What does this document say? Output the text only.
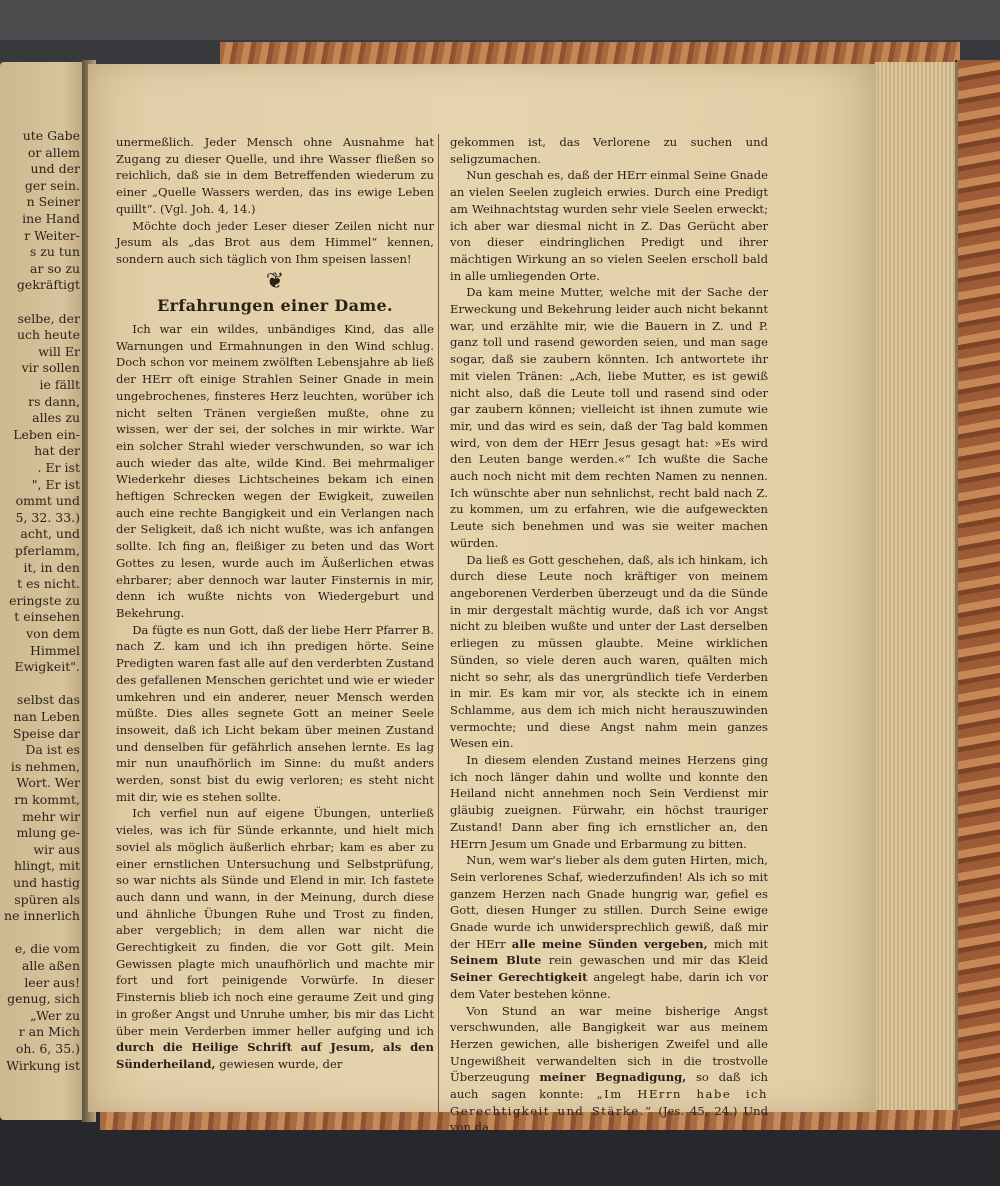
ute Gabe
or allem
und der
ger sein.
n Seiner
ine Hand
r Weiter-
s zu tun
ar so zu
gekräftigt
selbe, der
uch heute
will Er
vir sollen
ie fällt
rs dann,
alles zu
Leben ein-
hat der
. Er ist
", Er ist
ommt und
5, 32. 33.)
acht, und
pferlamm,
it, in den
t es nicht.
eringste zu
t einsehen
von dem
Himmel
Ewigkeit".
selbst das
nan Leben
Speise dar
Da ist es
is nehmen,
Wort. Wer
rn kommt,
mehr wir
mlung ge-
wir aus
hlingt, mit
und hastig
spüren als
ne innerlich
e, die vom
alle aßen
leer aus!
genug, sich
„Wer zu
r an Mich
oh. 6, 35.)
Wirkung ist

unermeßlich. Jeder Mensch ohne Ausnahme hat Zugang zu dieser Quelle, und ihre Wasser fließen so reichlich, daß sie in dem Betreffenden wiederum zu einer „Quelle Wassers werden, das ins ewige Leben quillt“. (Vgl. Joh. 4, 14.)

Möchte doch jeder Leser dieser Zeilen nicht nur Jesum als „das Brot aus dem Himmel“ kennen, sondern auch sich täglich von Ihm speisen lassen!

❦
Erfahrungen einer Dame.

Ich war ein wildes, unbändiges Kind, das alle Warnungen und Ermahnungen in den Wind schlug. Doch schon vor meinem zwölften Lebensjahre ab ließ der HErr oft einige Strahlen Seiner Gnade in mein ungebrochenes, finsteres Herz leuchten, worüber ich nicht selten Tränen vergießen mußte, ohne zu wissen, wer der sei, der solches in mir wirkte. War ein solcher Strahl wieder verschwunden, so war ich auch wieder das alte, wilde Kind. Bei mehrmaliger Wiederkehr dieses Lichtscheines bekam ich einen heftigen Schrecken wegen der Ewigkeit, zuweilen auch eine rechte Bangigkeit und ein Verlangen nach der Seligkeit, daß ich nicht wußte, was ich anfangen sollte. Ich fing an, fleißiger zu beten und das Wort Gottes zu lesen, wurde auch im Äußerlichen etwas ehrbarer; aber dennoch war lauter Finsternis in mir, denn ich wußte nichts von Wiedergeburt und Bekehrung.

Da fügte es nun Gott, daß der liebe Herr Pfarrer B. nach Z. kam und ich ihn predigen hörte. Seine Predigten waren fast alle auf den verderbten Zustand des gefallenen Menschen gerichtet und wie er wieder umkehren und ein anderer, neuer Mensch werden müßte. Dies alles segnete Gott an meiner Seele insoweit, daß ich Licht bekam über meinen Zustand und denselben für gefährlich ansehen lernte. Es lag mir nun unaufhörlich im Sinne: du mußt anders werden, sonst bist du ewig verloren; es steht nicht mit dir, wie es stehen sollte.

Ich verfiel nun auf eigene Übungen, unterließ vieles, was ich für Sünde erkannte, und hielt mich soviel als möglich äußerlich ehrbar; kam es aber zu einer ernstlichen Untersuchung und Selbstprüfung, so war nichts als Sünde und Elend in mir. Ich fastete auch dann und wann, in der Meinung, durch diese und ähnliche Übungen Ruhe und Trost zu finden, aber vergeblich; in dem allen war nicht die Gerechtigkeit zu finden, die vor Gott gilt. Mein Gewissen plagte mich unaufhörlich und machte mir fort und fort peinigende Vorwürfe. In dieser Finsternis blieb ich noch eine geraume Zeit und ging in großer Angst und Unruhe umher, bis mir das Licht über mein Verderben immer heller aufging und ich durch die Heilige Schrift auf Jesum, als den Sünderheiland, gewiesen wurde, der

gekommen ist, das Verlorene zu suchen und seligzumachen.

Nun geschah es, daß der HErr einmal Seine Gnade an vielen Seelen zugleich erwies. Durch eine Predigt am Weihnachtstag wurden sehr viele Seelen erweckt; ich aber war diesmal nicht in Z. Das Gerücht aber von dieser eindringlichen Predigt und ihrer mächtigen Wirkung an so vielen Seelen erscholl bald in alle umliegenden Orte.

Da kam meine Mutter, welche mit der Sache der Erweckung und Bekehrung leider auch nicht bekannt war, und erzählte mir, wie die Bauern in Z. und P. ganz toll und rasend geworden seien, und man sage sogar, daß sie zaubern könnten. Ich antwortete ihr mit vielen Tränen: „Ach, liebe Mutter, es ist gewiß nicht also, daß die Leute toll und rasend sind oder gar zaubern können; vielleicht ist ihnen zumute wie mir, und das wird es sein, daß der Tag bald kommen wird, von dem der HErr Jesus gesagt hat: »Es wird den Leuten bange werden.«“ Ich wußte die Sache auch noch nicht mit dem rechten Namen zu nennen. Ich wünschte aber nun sehnlichst, recht bald nach Z. zu kommen, um zu erfahren, wie die aufgeweckten Leute sich benehmen und was sie weiter machen würden.

Da ließ es Gott geschehen, daß, als ich hinkam, ich durch diese Leute noch kräftiger von meinem angeborenen Verderben überzeugt und da die Sünde in mir dergestalt mächtig wurde, daß ich vor Angst nicht zu bleiben wußte und unter der Last derselben erliegen zu müssen glaubte. Meine wirklichen Sünden, so viele deren auch waren, quälten mich nicht so sehr, als das unergründlich tiefe Verderben in mir. Es kam mir vor, als steckte ich in einem Schlamme, aus dem ich mich nicht herauszuwinden vermochte; und diese Angst nahm mein ganzes Wesen ein.

In diesem elenden Zustand meines Herzens ging ich noch länger dahin und wollte und konnte den Heiland nicht annehmen noch Sein Verdienst mir gläubig zueignen. Fürwahr, ein höchst trauriger Zustand! Dann aber fing ich ernstlicher an, den HErrn Jesum um Gnade und Erbarmung zu bitten.

Nun, wem war's lieber als dem guten Hirten, mich, Sein verlorenes Schaf, wiederzufinden! Als ich so mit ganzem Herzen nach Gnade hungrig war, gefiel es Gott, diesen Hunger zu stillen. Durch Seine ewige Gnade wurde ich unwidersprechlich gewiß, daß mir der HErr alle meine Sünden vergeben, mich mit Seinem Blute rein gewaschen und mir das Kleid Seiner Gerechtigkeit angelegt habe, darin ich vor dem Vater bestehen könne.

Von Stund an war meine bisherige Angst verschwunden, alle Bangigkeit war aus meinem Herzen gewichen, alle bisherigen Zweifel und alle Ungewißheit verwandelten sich in die trostvolle Überzeugung meiner Begnadigung, so daß ich auch sagen konnte: „Im HErrn habe ich Gerechtigkeit und Stärke.“ (Jes. 45, 24.) Und von da
